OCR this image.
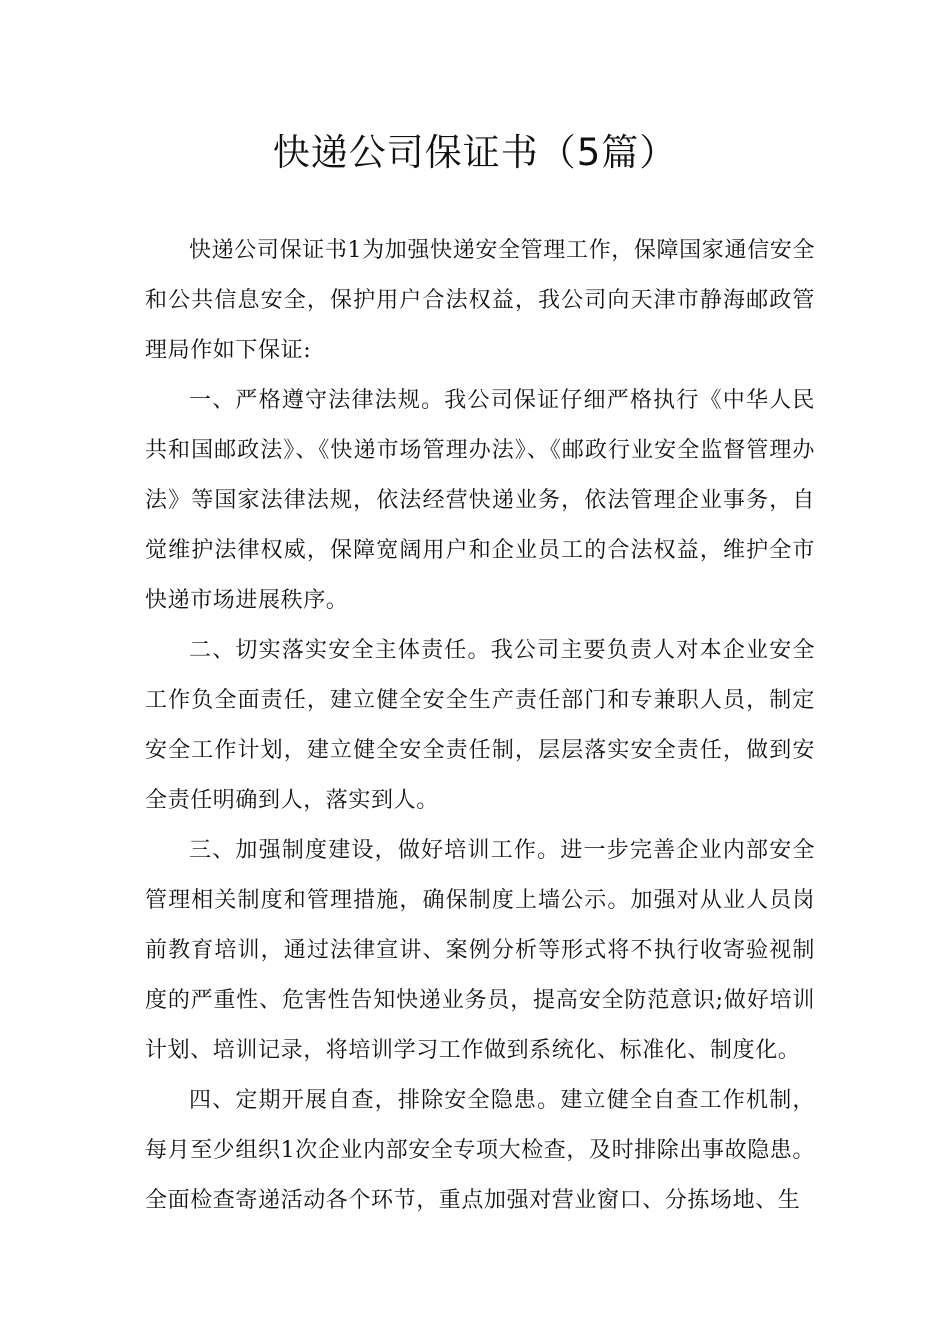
快递公司保证书（5篇）

快递公司保证书1为加强快递安全管理工作，保障国家通信安全和公共信息安全，保护用户合法权益，我公司向天津市静海邮政管理局作如下保证:

一、严格遵守法律法规。我公司保证仔细严格执行《中华人民共和国邮政法》、《快递市场管理办法》、《邮政行业安全监督管理办法》等国家法律法规，依法经营快递业务，依法管理企业事务，自觉维护法律权威，保障宽阔用户和企业员工的合法权益，维护全市快递市场进展秩序。

二、切实落实安全主体责任。我公司主要负责人对本企业安全工作负全面责任，建立健全安全生产责任部门和专兼职人员，制定安全工作计划，建立健全安全责任制，层层落实安全责任，做到安全责任明确到人，落实到人。

三、加强制度建设，做好培训工作。进一步完善企业内部安全管理相关制度和管理措施，确保制度上墙公示。加强对从业人员岗前教育培训，通过法律宣讲、案例分析等形式将不执行收寄验视制度的严重性、危害性告知快递业务员，提高安全防范意识;做好培训计划、培训记录，将培训学习工作做到系统化、标准化、制度化。

四、定期开展自查，排除安全隐患。建立健全自查工作机制，每月至少组织1次企业内部安全专项大检查，及时排除出事故隐患。全面检查寄递活动各个环节，重点加强对营业窗口、分拣场地、生
